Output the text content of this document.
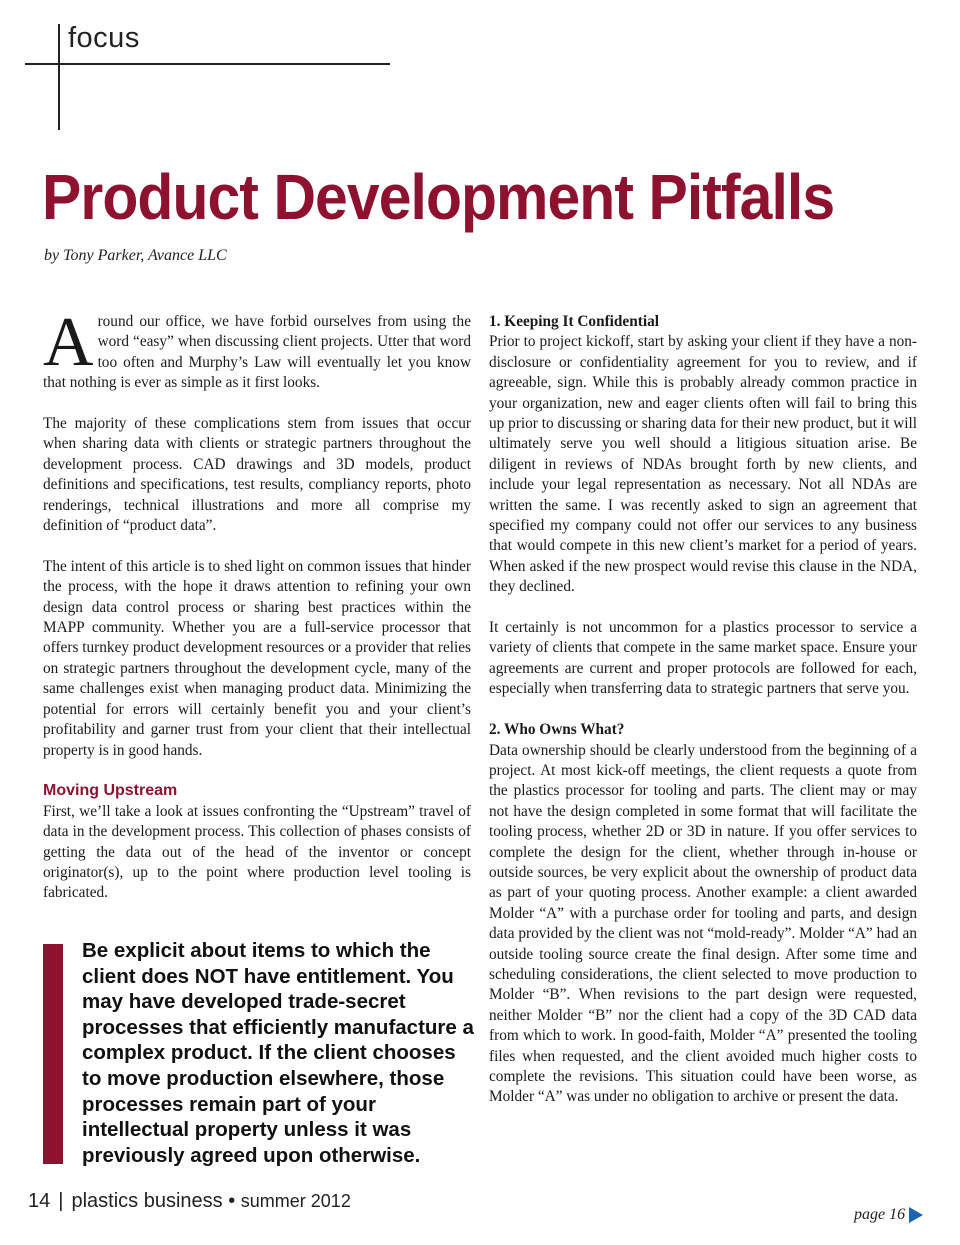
focus
Product Development Pitfalls
by Tony Parker, Avance LLC

Around our office, we have forbid ourselves from using the word “easy” when discussing client projects. Utter that word too often and Murphy’s Law will eventually let you know that nothing is ever as simple as it first looks.

The majority of these complications stem from issues that occur when sharing data with clients or strategic partners throughout the development process. CAD drawings and 3D models, product definitions and specifications, test results, compliancy reports, photo renderings, technical illustrations and more all comprise my definition of “product data”.

The intent of this article is to shed light on common issues that hinder the process, with the hope it draws attention to refining your own design data control process or sharing best practices within the MAPP community. Whether you are a full-service processor that offers turnkey product development resources or a provider that relies on strategic partners throughout the development cycle, many of the same challenges exist when managing product data. Minimizing the potential for errors will certainly benefit you and your client’s profitability and garner trust from your client that their intellectual property is in good hands.

Moving Upstream

First, we’ll take a look at issues confronting the “Upstream” travel of data in the development process. This collection of phases consists of getting the data out of the head of the inventor or concept originator(s), up to the point where production level tooling is fabricated.

Be explicit about items to which the client does NOT have entitlement. You may have developed trade-secret processes that efficiently manufacture a complex product. If the client chooses to move production elsewhere, those processes remain part of your intellectual property unless it was previously agreed upon otherwise.

1. Keeping It Confidential

Prior to project kickoff, start by asking your client if they have a non-disclosure or confidentiality agreement for you to review, and if agreeable, sign. While this is probably already common practice in your organization, new and eager clients often will fail to bring this up prior to discussing or sharing data for their new product, but it will ultimately serve you well should a litigious situation arise. Be diligent in reviews of NDAs brought forth by new clients, and include your legal representation as necessary. Not all NDAs are written the same. I was recently asked to sign an agreement that specified my company could not offer our services to any business that would compete in this new client’s market for a period of years. When asked if the new prospect would revise this clause in the NDA, they declined.

It certainly is not uncommon for a plastics processor to service a variety of clients that compete in the same market space. Ensure your agreements are current and proper protocols are followed for each, especially when transferring data to strategic partners that serve you.

2. Who Owns What?

Data ownership should be clearly understood from the beginning of a project. At most kick-off meetings, the client requests a quote from the plastics processor for tooling and parts. The client may or may not have the design completed in some format that will facilitate the tooling process, whether 2D or 3D in nature. If you offer services to complete the design for the client, whether through in-house or outside sources, be very explicit about the ownership of product data as part of your quoting process. Another example: a client awarded Molder “A” with a purchase order for tooling and parts, and design data provided by the client was not “mold-ready”. Molder “A” had an outside tooling source create the final design. After some time and scheduling considerations, the client selected to move production to Molder “B”. When revisions to the part design were requested, neither Molder “B” nor the client had a copy of the 3D CAD data from which to work. In good-faith, Molder “A” presented the tooling files when requested, and the client avoided much higher costs to complete the revisions. This situation could have been worse, as Molder “A” was under no obligation to archive or present the data.

14 | plastics business • summer 2012
page 16
